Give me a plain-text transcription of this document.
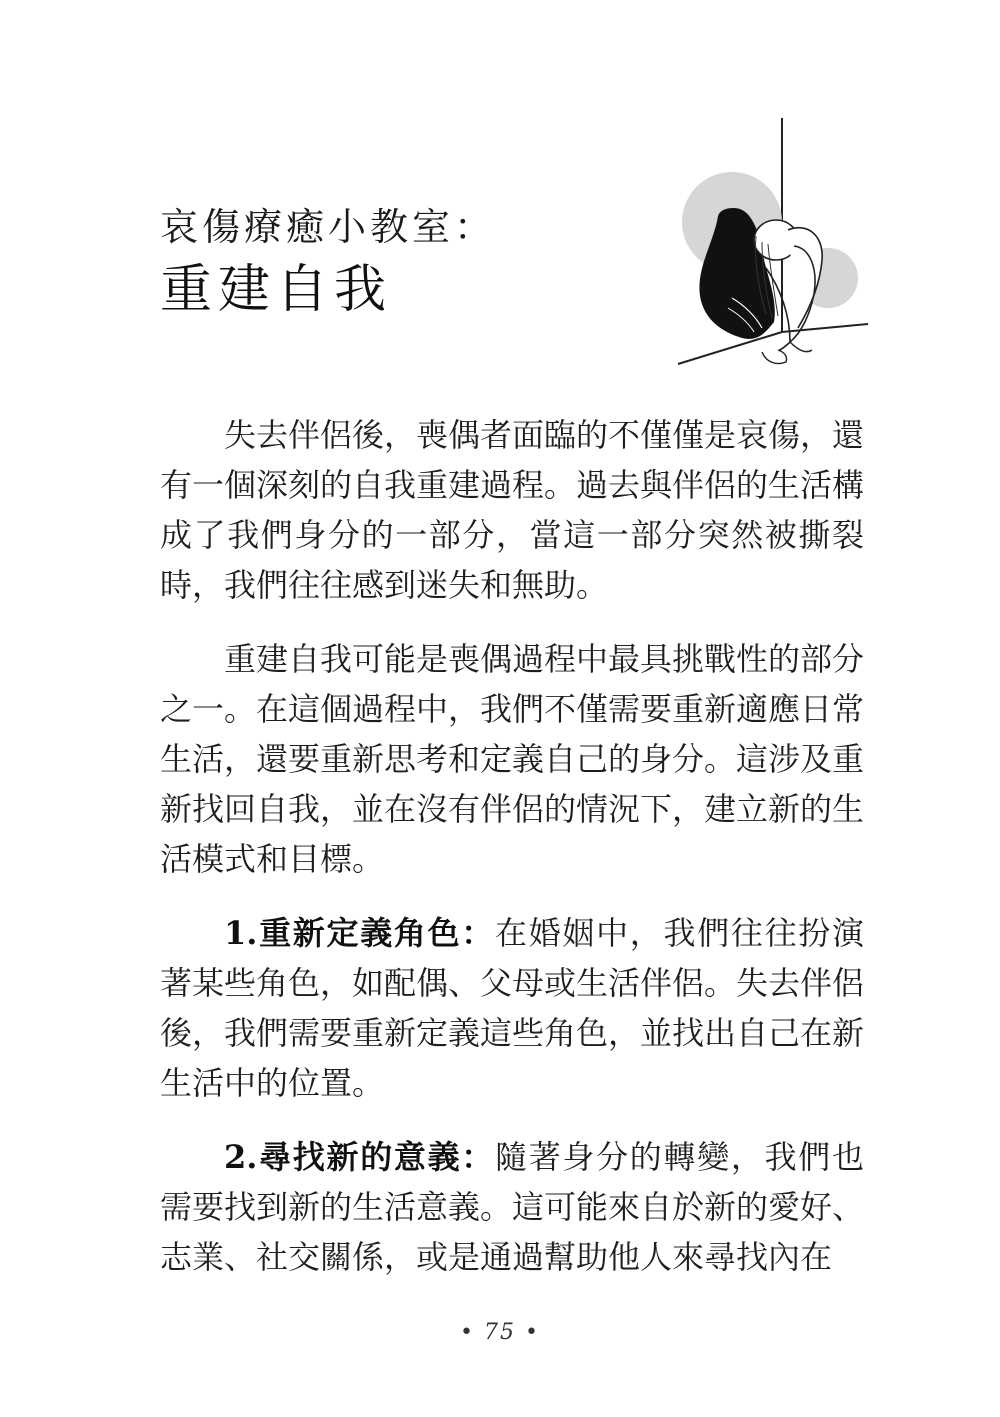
哀傷療癒小教室：
重建自我

失去伴侶後，喪偶者面臨的不僅僅是哀傷，還有一個深刻的自我重建過程。過去與伴侶的生活構成了我們身分的一部分，當這一部分突然被撕裂時，我們往往感到迷失和無助。

重建自我可能是喪偶過程中最具挑戰性的部分之一。在這個過程中，我們不僅需要重新適應日常生活，還要重新思考和定義自己的身分。這涉及重新找回自我，並在沒有伴侶的情況下，建立新的生活模式和目標。

1.重新定義角色：在婚姻中，我們往往扮演著某些角色，如配偶、父母或生活伴侶。失去伴侶後，我們需要重新定義這些角色，並找出自己在新生活中的位置。

2.尋找新的意義：隨著身分的轉變，我們也需要找到新的生活意義。這可能來自於新的愛好、志業、社交關係，或是通過幫助他人來尋找內在

• 75 •
